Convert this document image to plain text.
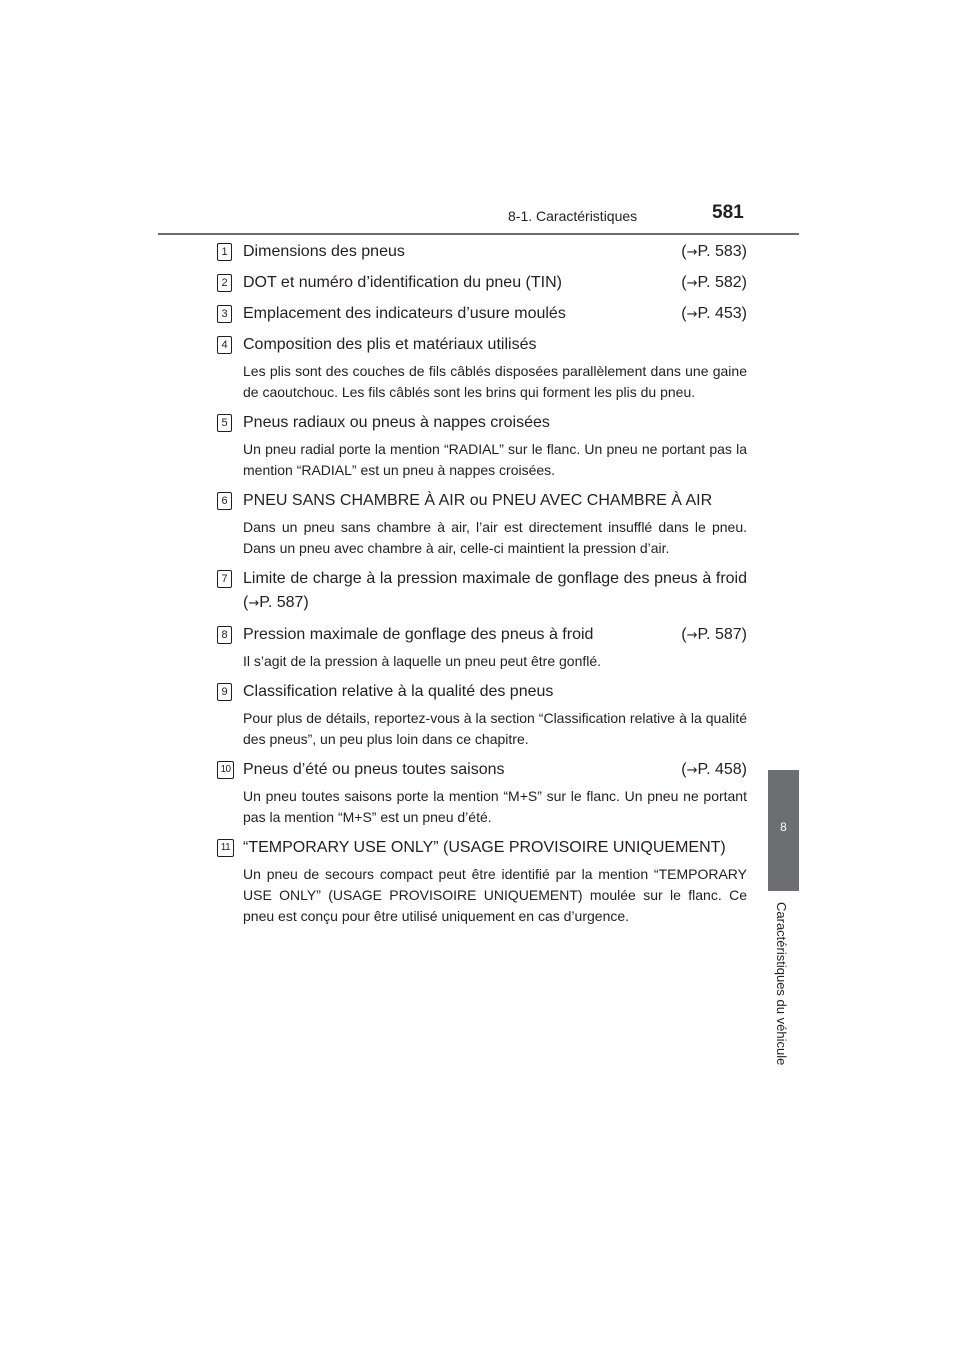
8-1. Caractéristiques	581
8
Caractéristiques du véhicule
1 Dimensions des pneus	(→P. 583)
2 DOT et numéro d’identification du pneu (TIN)	(→P. 582)
3 Emplacement des indicateurs d’usure moulés	(→P. 453)
4 Composition des plis et matériaux utilisés
Les plis sont des couches de fils câblés disposées parallèlement dans une gaine de caoutchouc. Les fils câblés sont les brins qui forment les plis du pneu.
5 Pneus radiaux ou pneus à nappes croisées
Un pneu radial porte la mention “RADIAL” sur le flanc. Un pneu ne portant pas la mention “RADIAL” est un pneu à nappes croisées.
6 PNEU SANS CHAMBRE À AIR ou PNEU AVEC CHAMBRE À AIR
Dans un pneu sans chambre à air, l’air est directement insufflé dans le pneu. Dans un pneu avec chambre à air, celle-ci maintient la pression d’air.
7 Limite de charge à la pression maximale de gonflage des pneus à froid (→P. 587)
8 Pression maximale de gonflage des pneus à froid	(→P. 587)
Il s’agit de la pression à laquelle un pneu peut être gonflé.
9 Classification relative à la qualité des pneus
Pour plus de détails, reportez-vous à la section “Classification relative à la qualité des pneus”, un peu plus loin dans ce chapitre.
10 Pneus d’été ou pneus toutes saisons	(→P. 458)
Un pneu toutes saisons porte la mention “M+S” sur le flanc. Un pneu ne portant pas la mention “M+S” est un pneu d’été.
11 “TEMPORARY USE ONLY” (USAGE PROVISOIRE UNIQUEMENT)
Un pneu de secours compact peut être identifié par la mention “TEMPORARY USE ONLY” (USAGE PROVISOIRE UNIQUEMENT) moulée sur le flanc. Ce pneu est conçu pour être utilisé uniquement en cas d’urgence.
